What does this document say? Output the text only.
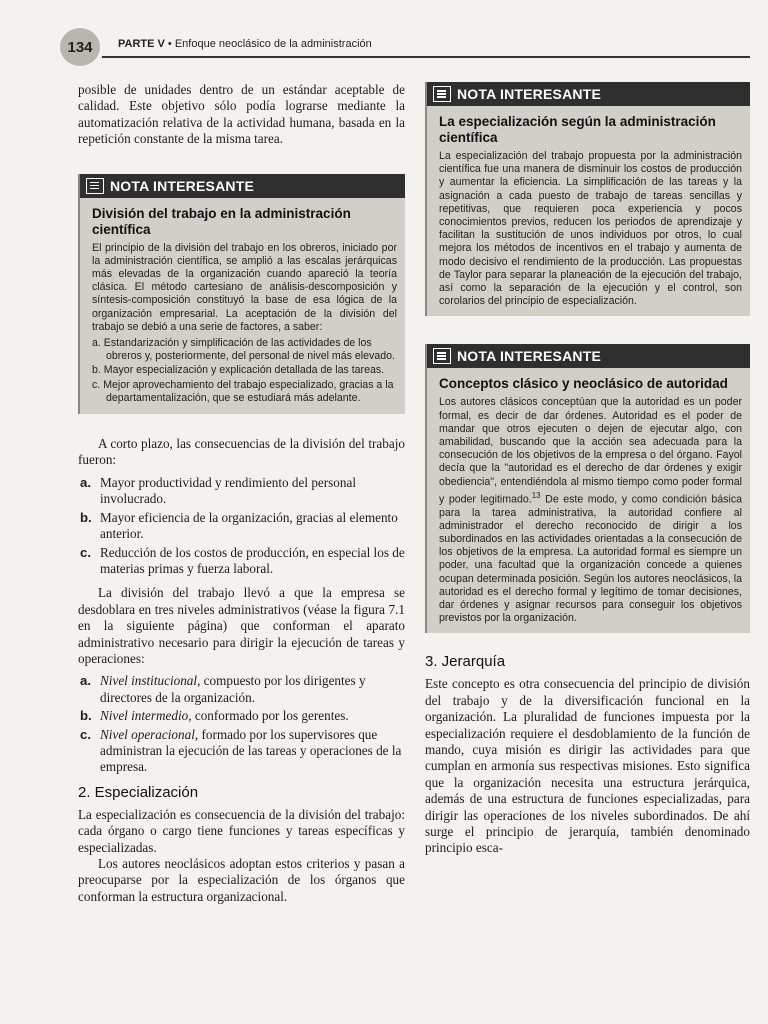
134	PARTE V • Enfoque neoclásico de la administración

posible de unidades dentro de un estándar aceptable de calidad. Este objetivo sólo podía lograrse mediante la automatización relativa de la actividad humana, basada en la repetición constante de la misma tarea.

NOTA INTERESANTE
División del trabajo en la administración científica

El principio de la división del trabajo en los obreros, iniciado por la administración científica, se amplió a las escalas jerárquicas más elevadas de la organización cuando apareció la teoría clásica. El método cartesiano de análisis-descomposición y síntesis-composición constituyó la base de esa lógica de la organización empresarial. La aceptación de la división del trabajo se debió a una serie de factores, a saber:

a. Estandarización y simplificación de las actividades de los obreros y, posteriormente, del personal de nivel más elevado.
b. Mayor especialización y explicación detallada de las tareas.
c. Mejor aprovechamiento del trabajo especializado, gracias a la departamentalización, que se estudiará más adelante.

A corto plazo, las consecuencias de la división del trabajo fueron:

a. Mayor productividad y rendimiento del personal involucrado.
b. Mayor eficiencia de la organización, gracias al elemento anterior.
c. Reducción de los costos de producción, en especial los de materias primas y fuerza laboral.

La división del trabajo llevó a que la empresa se desdoblara en tres niveles administrativos (véase la figura 7.1 en la siguiente página) que conforman el aparato administrativo necesario para dirigir la ejecución de tareas y operaciones:

a. Nivel institucional, compuesto por los dirigentes y directores de la organización.
b. Nivel intermedio, conformado por los gerentes.
c. Nivel operacional, formado por los supervisores que administran la ejecución de las tareas y operaciones de la empresa.
2. Especialización

La especialización es consecuencia de la división del trabajo: cada órgano o cargo tiene funciones y tareas específicas y especializadas.

Los autores neoclásicos adoptan estos criterios y pasan a preocuparse por la especialización de los órganos que conforman la estructura organizacional.

NOTA INTERESANTE
La especialización según la administración científica

La especialización del trabajo propuesta por la administración científica fue una manera de disminuir los costos de producción y aumentar la eficiencia. La simplificación de las tareas y la asignación a cada puesto de trabajo de tareas sencillas y repetitivas, que requieren poca experiencia y pocos conocimientos previos, reducen los periodos de aprendizaje y facilitan la sustitución de unos individuos por otros, lo cual mejora los métodos de incentivos en el trabajo y aumenta de modo decisivo el rendimiento de la producción. Las propuestas de Taylor para separar la planeación de la ejecución del trabajo, así como la separación de la ejecución y el control, son corolarios del principio de especialización.

NOTA INTERESANTE
Conceptos clásico y neoclásico de autoridad

Los autores clásicos conceptúan que la autoridad es un poder formal, es decir de dar órdenes. Autoridad es el poder de mandar que otros ejecuten o dejen de ejecutar algo, con amabilidad, buscando que la acción sea adecuada para la consecución de los objetivos de la empresa o del órgano. Fayol decía que la "autoridad es el derecho de dar órdenes y exigir obediencia", entendiéndola al mismo tiempo como poder formal y poder legitimado.$^{13}$ De este modo, y como condición básica para la tarea administrativa, la autoridad confiere al administrador el derecho reconocido de dirigir a los subordinados en las actividades orientadas a la consecución de los objetivos de la empresa. La autoridad formal es siempre un poder, una facultad que la organización concede a quienes ocupan determinada posición. Según los autores neoclásicos, la autoridad es el derecho formal y legítimo de tomar decisiones, dar órdenes y asignar recursos para conseguir los objetivos previstos por la organización.

3. Jerarquía

Este concepto es otra consecuencia del principio de división del trabajo y de la diversificación funcional en la organización. La pluralidad de funciones impuesta por la especialización requiere el desdoblamiento de la función de mando, cuya misión es dirigir las actividades para que cumplan en armonía sus respectivas misiones. Esto significa que la organización necesita una estructura jerárquica, además de una estructura de funciones especializadas, para dirigir las operaciones de los niveles subordinados. De ahí surge el principio de jerarquía, también denominado principio esca-
